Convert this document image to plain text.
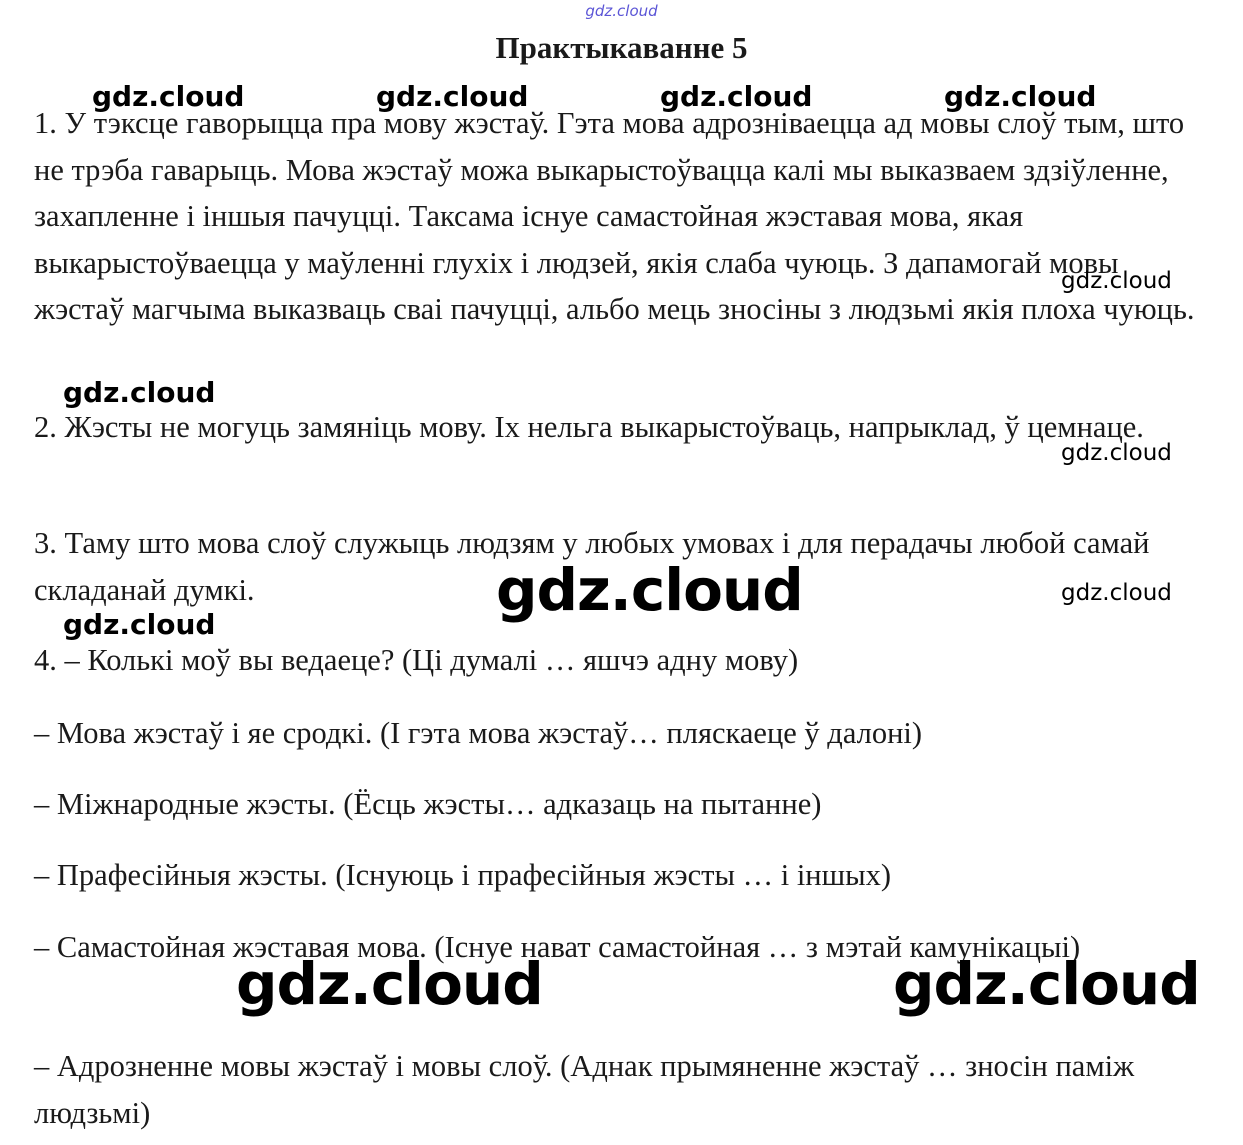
gdz.cloud
Практыкаванне 5

1. У тэксце гаворыцца пра мову жэстаў. Гэта мова адрозніваецца ад мовы слоў тым, што не трэба гаварыць. Мова жэстаў можа выкарыстоўвацца калі мы выказваем здзіўленне, захапленне і іншыя пачуцці. Таксама існуе самастойная жэставая мова, якая выкарыстоўваецца у маўленні глухіх і людзей, якія слаба чуюць. З дапамогай мовы жэстаў магчыма выказваць сваі пачуцці, альбо мець зносіны з людзьмі якія плоха чуюць.

2. Жэсты не могуць замяніць мову. Іх нельга выкарыстоўваць, напрыклад, ў цемнаце.

3. Таму што мова слоў служыць людзям у любых умовах і для перадачы любой самай складанай думкі.

4. – Колькі моў вы ведаеце? (Ці думалі … яшчэ адну мову)

– Мова жэстаў і яе сродкі. (І гэта мова жэстаў… пляскаеце ў далоні)

– Міжнародные жэсты. (Ёсць жэсты… адказаць на пытанне)

– Прафесійныя жэсты. (Існуюць і прафесійныя жэсты … і іншых)

– Самастойная жэставая мова. (Існуе нават самастойная … з мэтай камунікацыі)

– Адрозненне мовы жэстаў і мовы слоў. (Аднак прымяненне жэстаў … зносін паміж людзьмі)

gdz.cloud	gdz.cloud	gdz.cloud	gdz.cloud
gdz.cloud
gdz.cloud
gdz.cloud
gdz.cloud	gdz.cloud
gdz.cloud
gdz.cloud	gdz.cloud
